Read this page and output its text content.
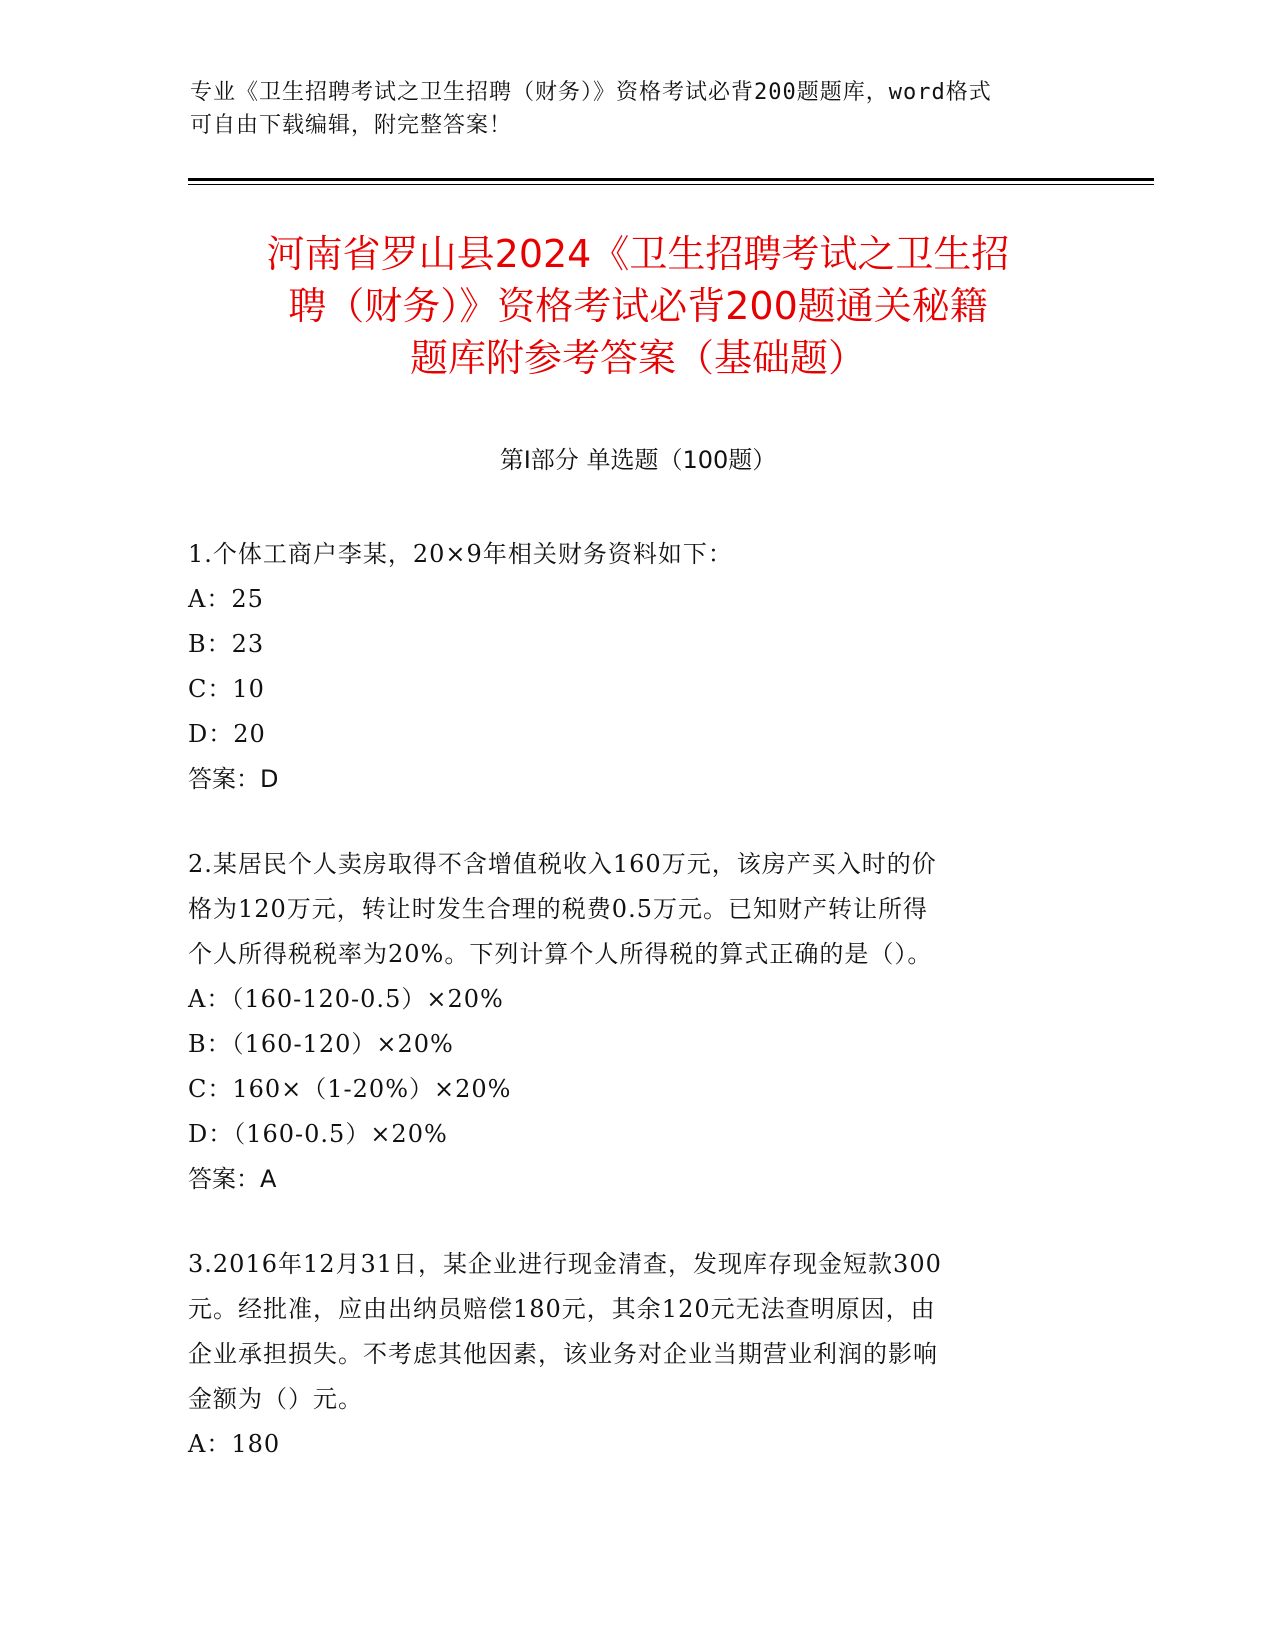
专业《卫生招聘考试之卫生招聘（财务）》资格考试必背200题题库，word格式
可自由下载编辑，附完整答案！
河南省罗山县2024《卫生招聘考试之卫生招
聘（财务）》资格考试必背200题通关秘籍
题库附参考答案（基础题）
第Ⅰ部分 单选题（100题）
1.个体工商户李某，20×9年相关财务资料如下：
A：25
B：23
C：10
D：20
答案：D
2.某居民个人卖房取得不含增值税收入160万元，该房产买入时的价
格为120万元，转让时发生合理的税费0.5万元。已知财产转让所得
个人所得税税率为20%。下列计算个人所得税的算式正确的是（）。
A：（160-120-0.5）×20%
B：（160-120）×20%
C：160×（1-20%）×20%
D：（160-0.5）×20%
答案：A
3.2016年12月31日，某企业进行现金清查，发现库存现金短款300
元。经批准，应由出纳员赔偿180元，其余120元无法查明原因，由
企业承担损失。不考虑其他因素，该业务对企业当期营业利润的影响
金额为（）元。
A：180
